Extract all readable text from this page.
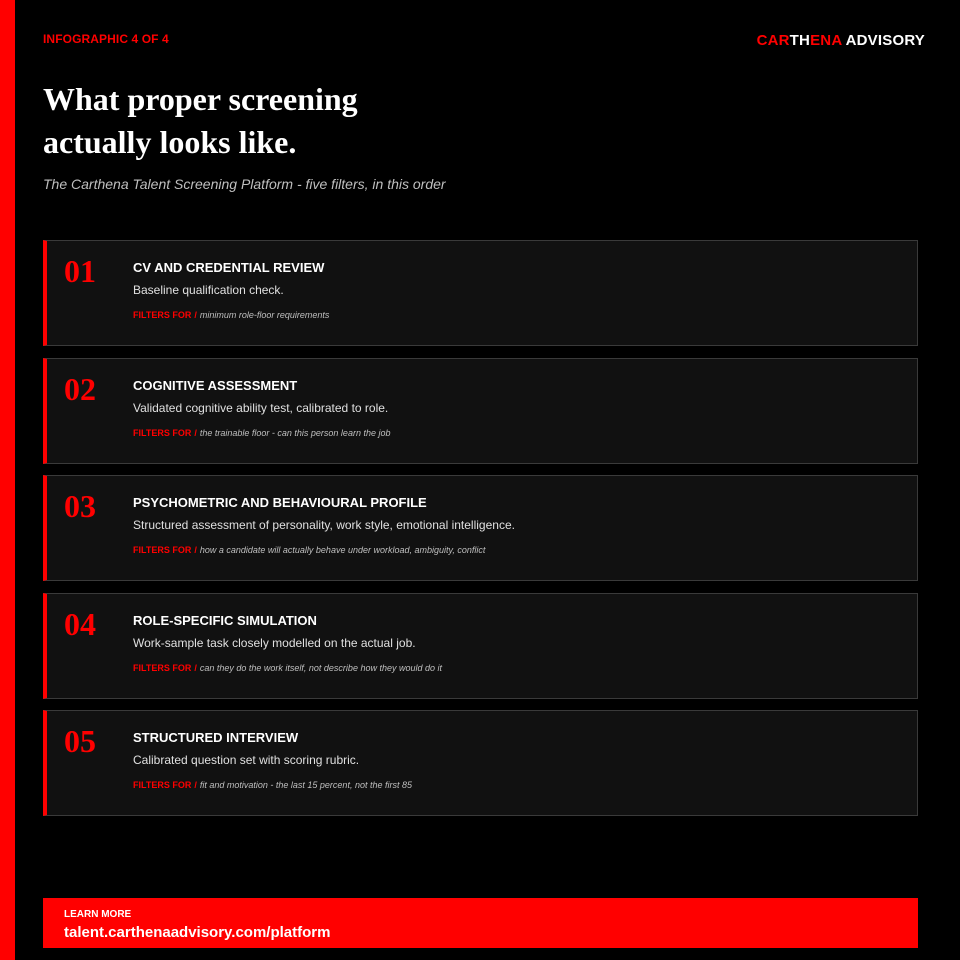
INFOGRAPHIC 4 OF 4	CARTHENA ADVISORY
What proper screening
actually looks like.
The Carthena Talent Screening Platform - five filters, in this order
01	CV AND CREDENTIAL REVIEW
Baseline qualification check.
FILTERS FOR / minimum role-floor requirements
02	COGNITIVE ASSESSMENT
Validated cognitive ability test, calibrated to role.
FILTERS FOR / the trainable floor - can this person learn the job
03	PSYCHOMETRIC AND BEHAVIOURAL PROFILE
Structured assessment of personality, work style, emotional intelligence.
FILTERS FOR / how a candidate will actually behave under workload, ambiguity, conflict
04	ROLE-SPECIFIC SIMULATION
Work-sample task closely modelled on the actual job.
FILTERS FOR / can they do the work itself, not describe how they would do it
05	STRUCTURED INTERVIEW
Calibrated question set with scoring rubric.
FILTERS FOR / fit and motivation - the last 15 percent, not the first 85
LEARN MORE
talent.carthenaadvisory.com/platform
